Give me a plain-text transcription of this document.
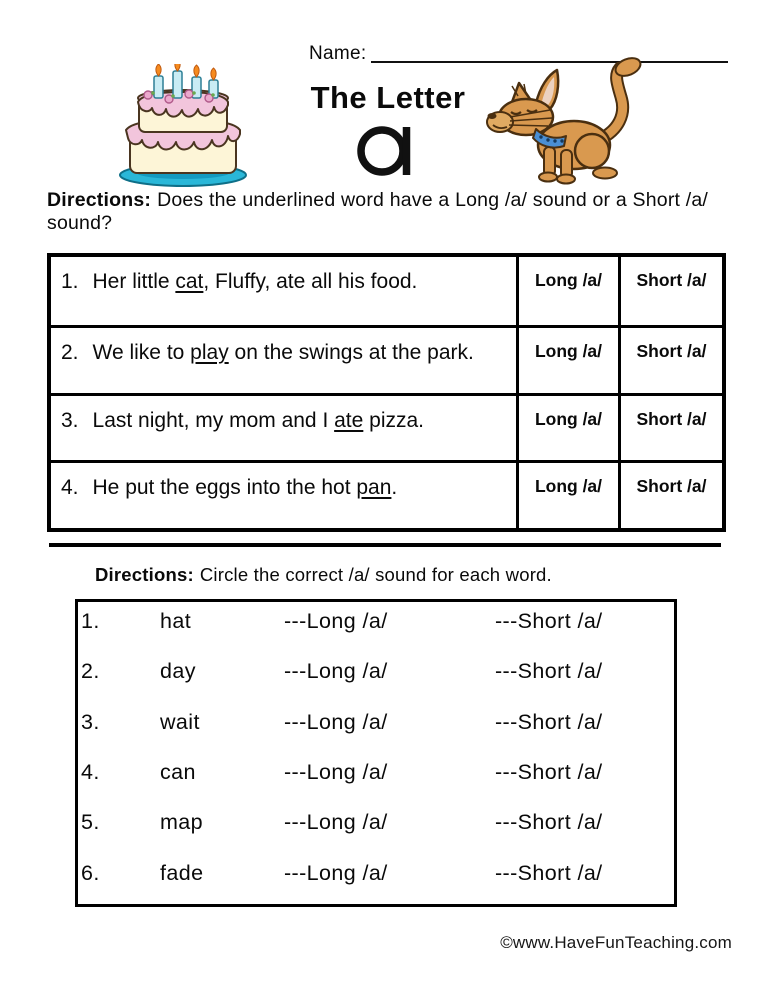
Name:
The Letter

Directions: Does the underlined word have a Long /a/ sound or a Short /a/ sound?

1. Her little cat, Fluffy, ate all his food.	Long /a/	Short /a/
2. We like to play on the swings at the park.	Long /a/	Short /a/
3. Last night, my mom and I ate pizza.	Long /a/	Short /a/
4. He put the eggs into the hot pan.	Long /a/	Short /a/

Directions: Circle the correct /a/ sound for each word.

1.	hat	---Long /a/	---Short /a/
2.	day	---Long /a/	---Short /a/
3.	wait	---Long /a/	---Short /a/
4.	can	---Long /a/	---Short /a/
5.	map	---Long /a/	---Short /a/
6.	fade	---Long /a/	---Short /a/
©www.HaveFunTeaching.com
